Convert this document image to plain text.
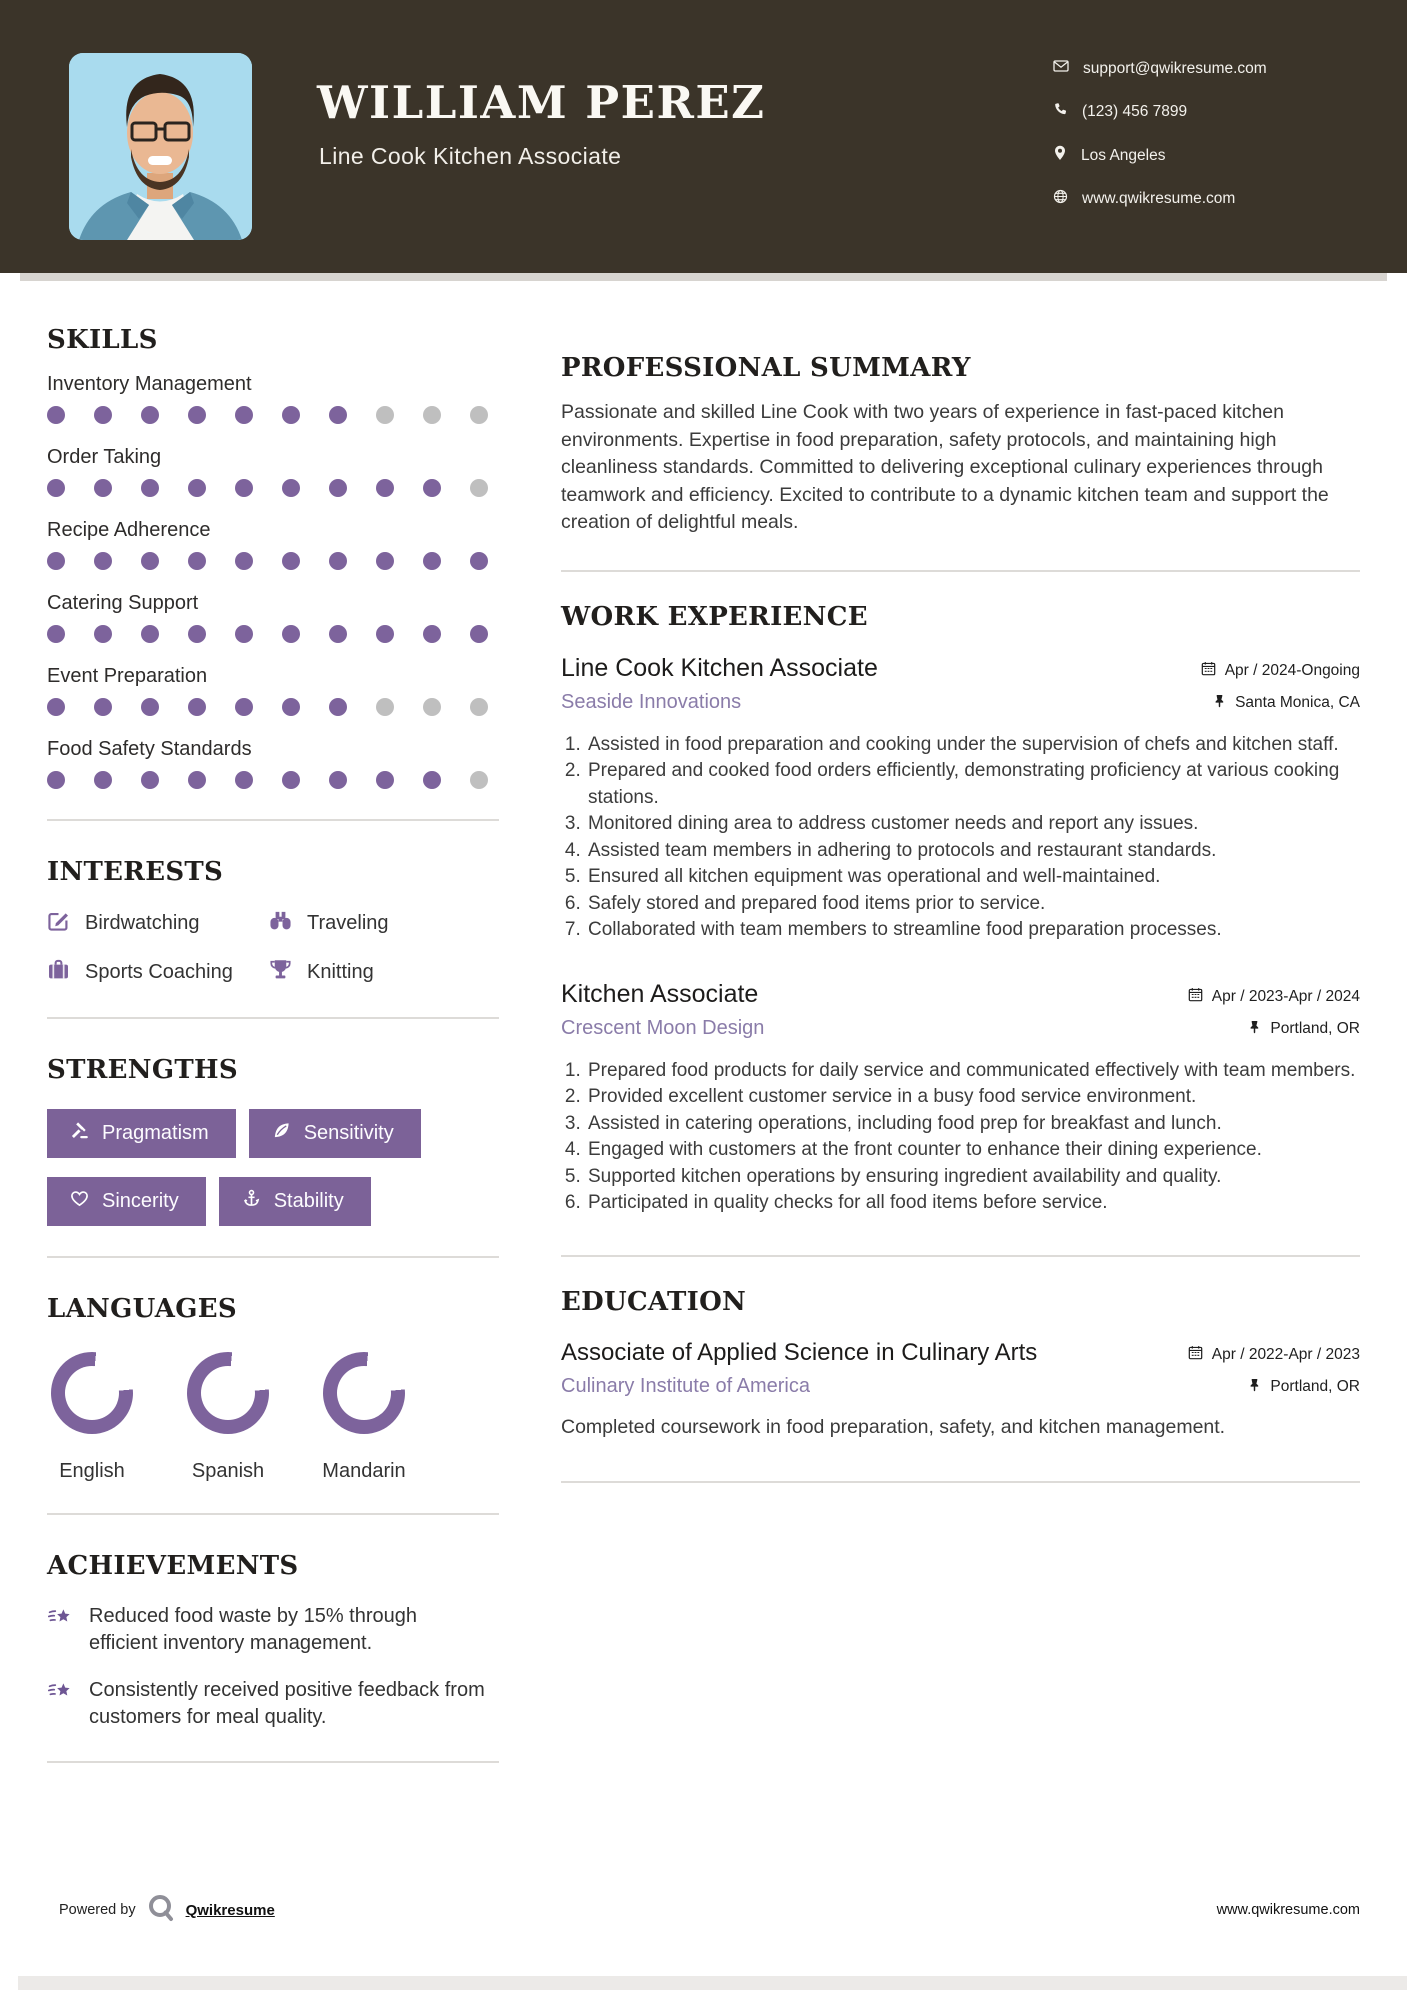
WILLIAM PEREZ

Line Cook Kitchen Associate

support@qwikresume.com
(123) 456 7899
Los Angeles
www.qwikresume.com
SKILLS
Inventory Management
Order Taking
Recipe Adherence
Catering Support
Event Preparation
Food Safety Standards
INTERESTS
Birdwatching	Traveling
Sports Coaching	Knitting
STRENGTHS
Pragmatism	Sensitivity
Sincerity	Stability
LANGUAGES
English	Spanish	Mandarin
ACHIEVEMENTS

Reduced food waste by 15% through efficient inventory management.

Consistently received positive feedback from customers for meal quality.

PROFESSIONAL SUMMARY

Passionate and skilled Line Cook with two years of experience in fast-paced kitchen environments. Expertise in food preparation, safety protocols, and maintaining high cleanliness standards. Committed to delivering exceptional culinary experiences through teamwork and efficiency. Excited to contribute to a dynamic kitchen team and support the creation of delightful meals.

WORK EXPERIENCE
Line Cook Kitchen Associate	Apr / 2024-Ongoing
Seaside Innovations	Santa Monica, CA
1. Assisted in food preparation and cooking under the supervision of chefs and kitchen staff.
2. Prepared and cooked food orders efficiently, demonstrating proficiency at various cooking stations.
3. Monitored dining area to address customer needs and report any issues.
4. Assisted team members in adhering to protocols and restaurant standards.
5. Ensured all kitchen equipment was operational and well-maintained.
6. Safely stored and prepared food items prior to service.
7. Collaborated with team members to streamline food preparation processes.
Kitchen Associate	Apr / 2023-Apr / 2024
Crescent Moon Design	Portland, OR
1. Prepared food products for daily service and communicated effectively with team members.
2. Provided excellent customer service in a busy food service environment.
3. Assisted in catering operations, including food prep for breakfast and lunch.
4. Engaged with customers at the front counter to enhance their dining experience.
5. Supported kitchen operations by ensuring ingredient availability and quality.
6. Participated in quality checks for all food items before service.
EDUCATION
Associate of Applied Science in Culinary Arts	Apr / 2022-Apr / 2023
Culinary Institute of America	Portland, OR

Completed coursework in food preparation, safety, and kitchen management.

Powered by	Qwikresume	www.qwikresume.com
